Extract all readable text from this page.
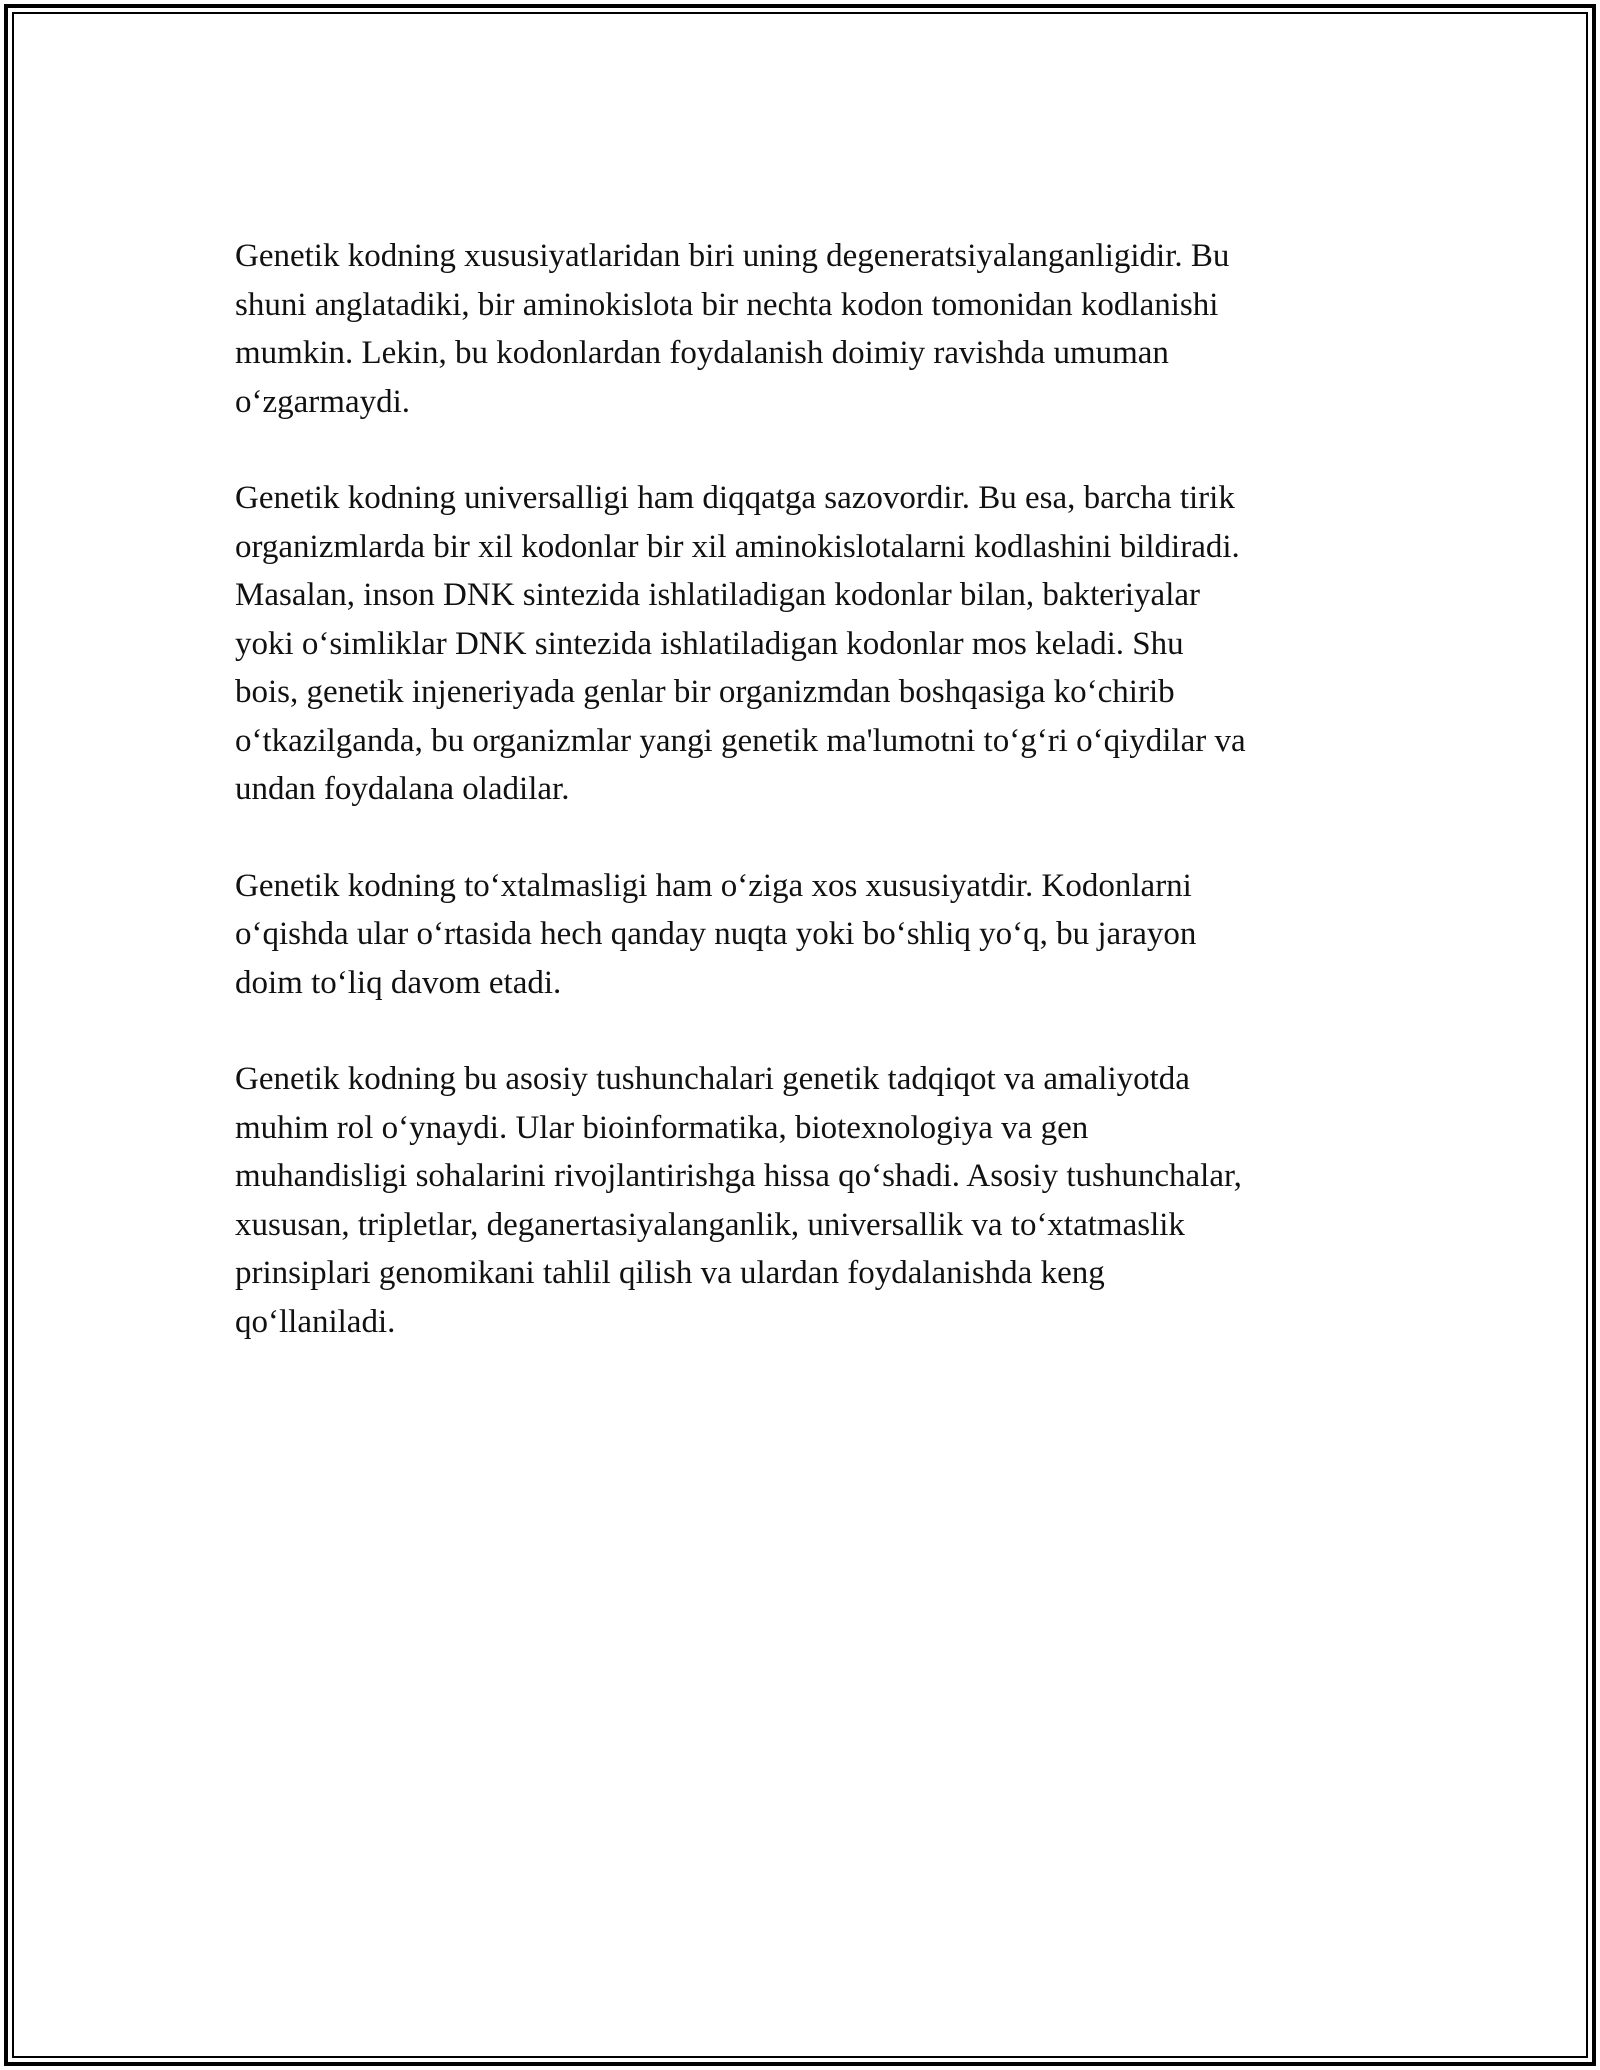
Genetik kodning xususiyatlaridan biri uning degeneratsiyalanganligidir. Bu
shuni anglatadiki, bir aminokislota bir nechta kodon tomonidan kodlanishi
mumkin. Lekin, bu kodonlardan foydalanish doimiy ravishda umuman
o‘zgarmaydi.

Genetik kodning universalligi ham diqqatga sazovordir. Bu esa, barcha tirik
organizmlarda bir xil kodonlar bir xil aminokislotalarni kodlashini bildiradi.
Masalan, inson DNK sintezida ishlatiladigan kodonlar bilan, bakteriyalar
yoki o‘simliklar DNK sintezida ishlatiladigan kodonlar mos keladi. Shu
bois, genetik injeneriyada genlar bir organizmdan boshqasiga ko‘chirib
o‘tkazilganda, bu organizmlar yangi genetik ma'lumotni to‘g‘ri o‘qiydilar va
undan foydalana oladilar.

Genetik kodning to‘xtalmasligi ham o‘ziga xos xususiyatdir. Kodonlarni
o‘qishda ular o‘rtasida hech qanday nuqta yoki bo‘shliq yo‘q, bu jarayon
doim to‘liq davom etadi.

Genetik kodning bu asosiy tushunchalari genetik tadqiqot va amaliyotda
muhim rol o‘ynaydi. Ular bioinformatika, biotexnologiya va gen
muhandisligi sohalarini rivojlantirishga hissa qo‘shadi. Asosiy tushunchalar,
xususan, tripletlar, deganertasiyalanganlik, universallik va to‘xtatmaslik
prinsiplari genomikani tahlil qilish va ulardan foydalanishda keng
qo‘llaniladi.
